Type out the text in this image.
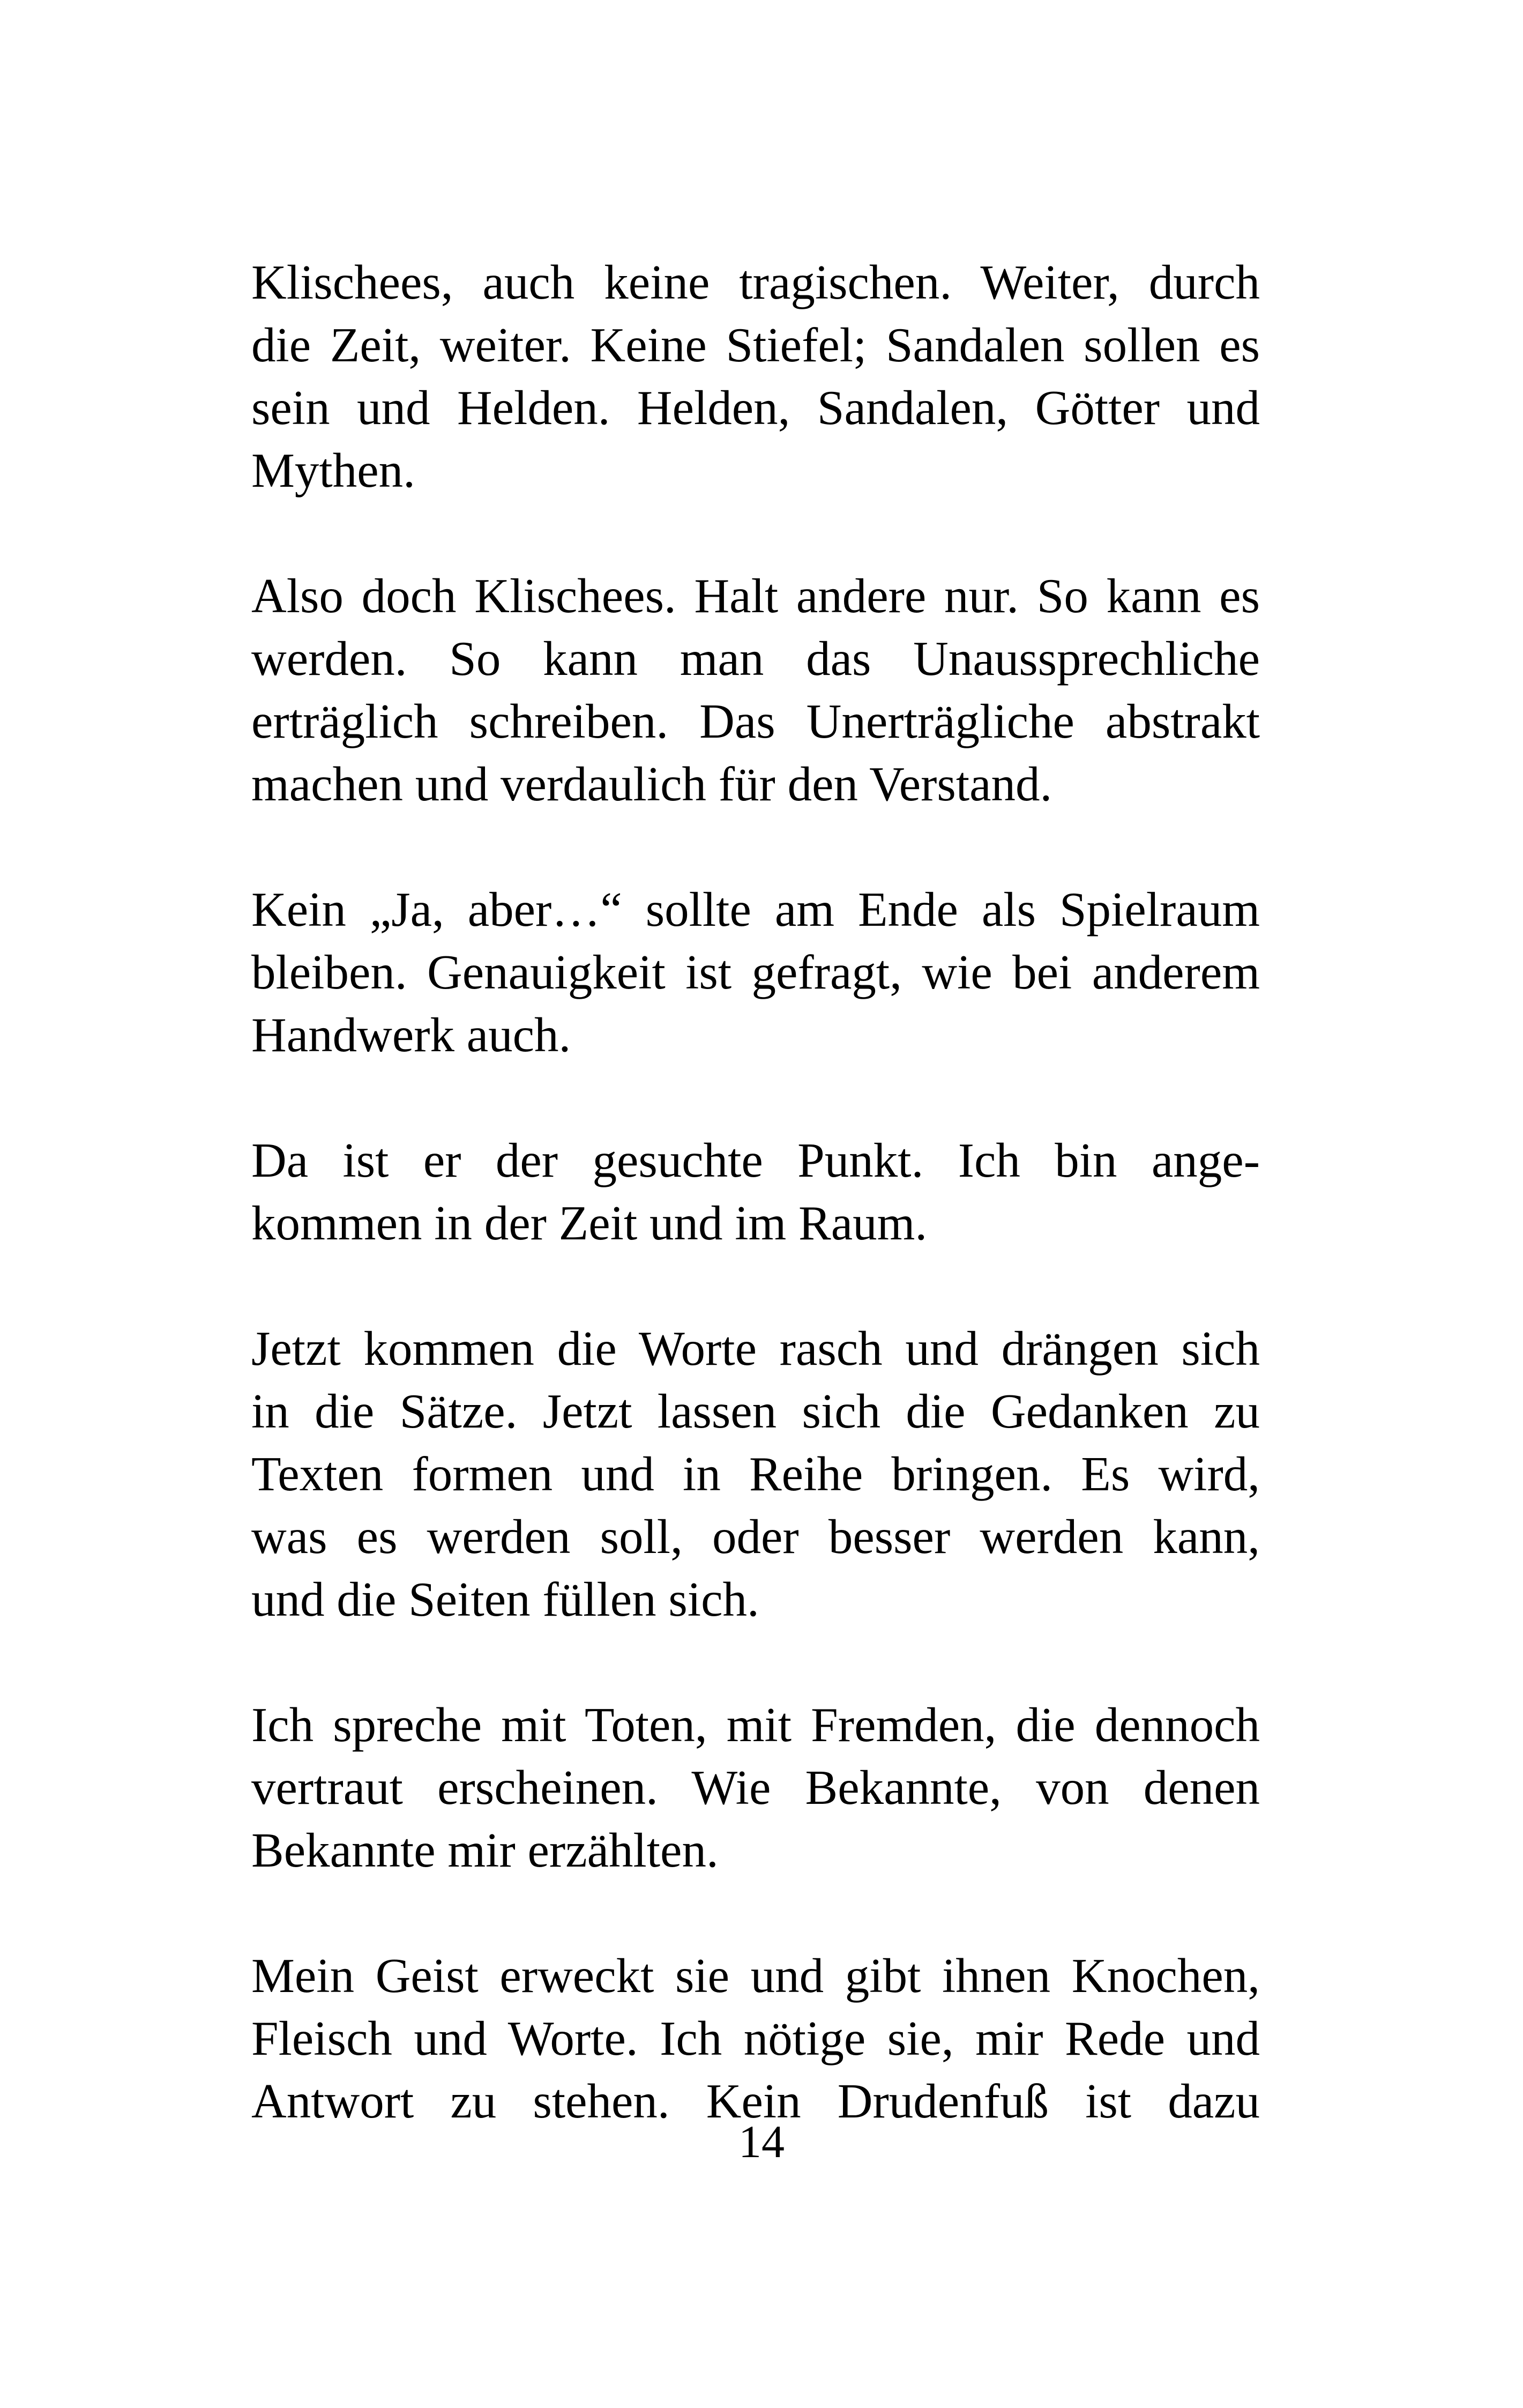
Klischees, auch keine tragischen. Weiter, durch
die Zeit, weiter. Keine Stiefel; Sandalen sollen es
sein und Helden. Helden, Sandalen, Götter und
Mythen.

Also doch Klischees. Halt andere nur. So kann es
werden. So kann man das Unaussprechliche
erträglich schreiben. Das Unerträgliche abstrakt
machen und verdaulich für den Verstand.

Kein „Ja, aber…“ sollte am Ende als Spielraum
bleiben. Genauigkeit ist gefragt, wie bei anderem
Handwerk auch.

Da ist er der gesuchte Punkt. Ich bin ange-
kommen in der Zeit und im Raum.

Jetzt kommen die Worte rasch und drängen sich
in die Sätze. Jetzt lassen sich die Gedanken zu
Texten formen und in Reihe bringen. Es wird,
was es werden soll, oder besser werden kann,
und die Seiten füllen sich.

Ich spreche mit Toten, mit Fremden, die dennoch
vertraut erscheinen. Wie Bekannte, von denen
Bekannte mir erzählten.

Mein Geist erweckt sie und gibt ihnen Knochen,
Fleisch und Worte. Ich nötige sie, mir Rede und
Antwort zu stehen. Kein Drudenfuß ist dazu

14
